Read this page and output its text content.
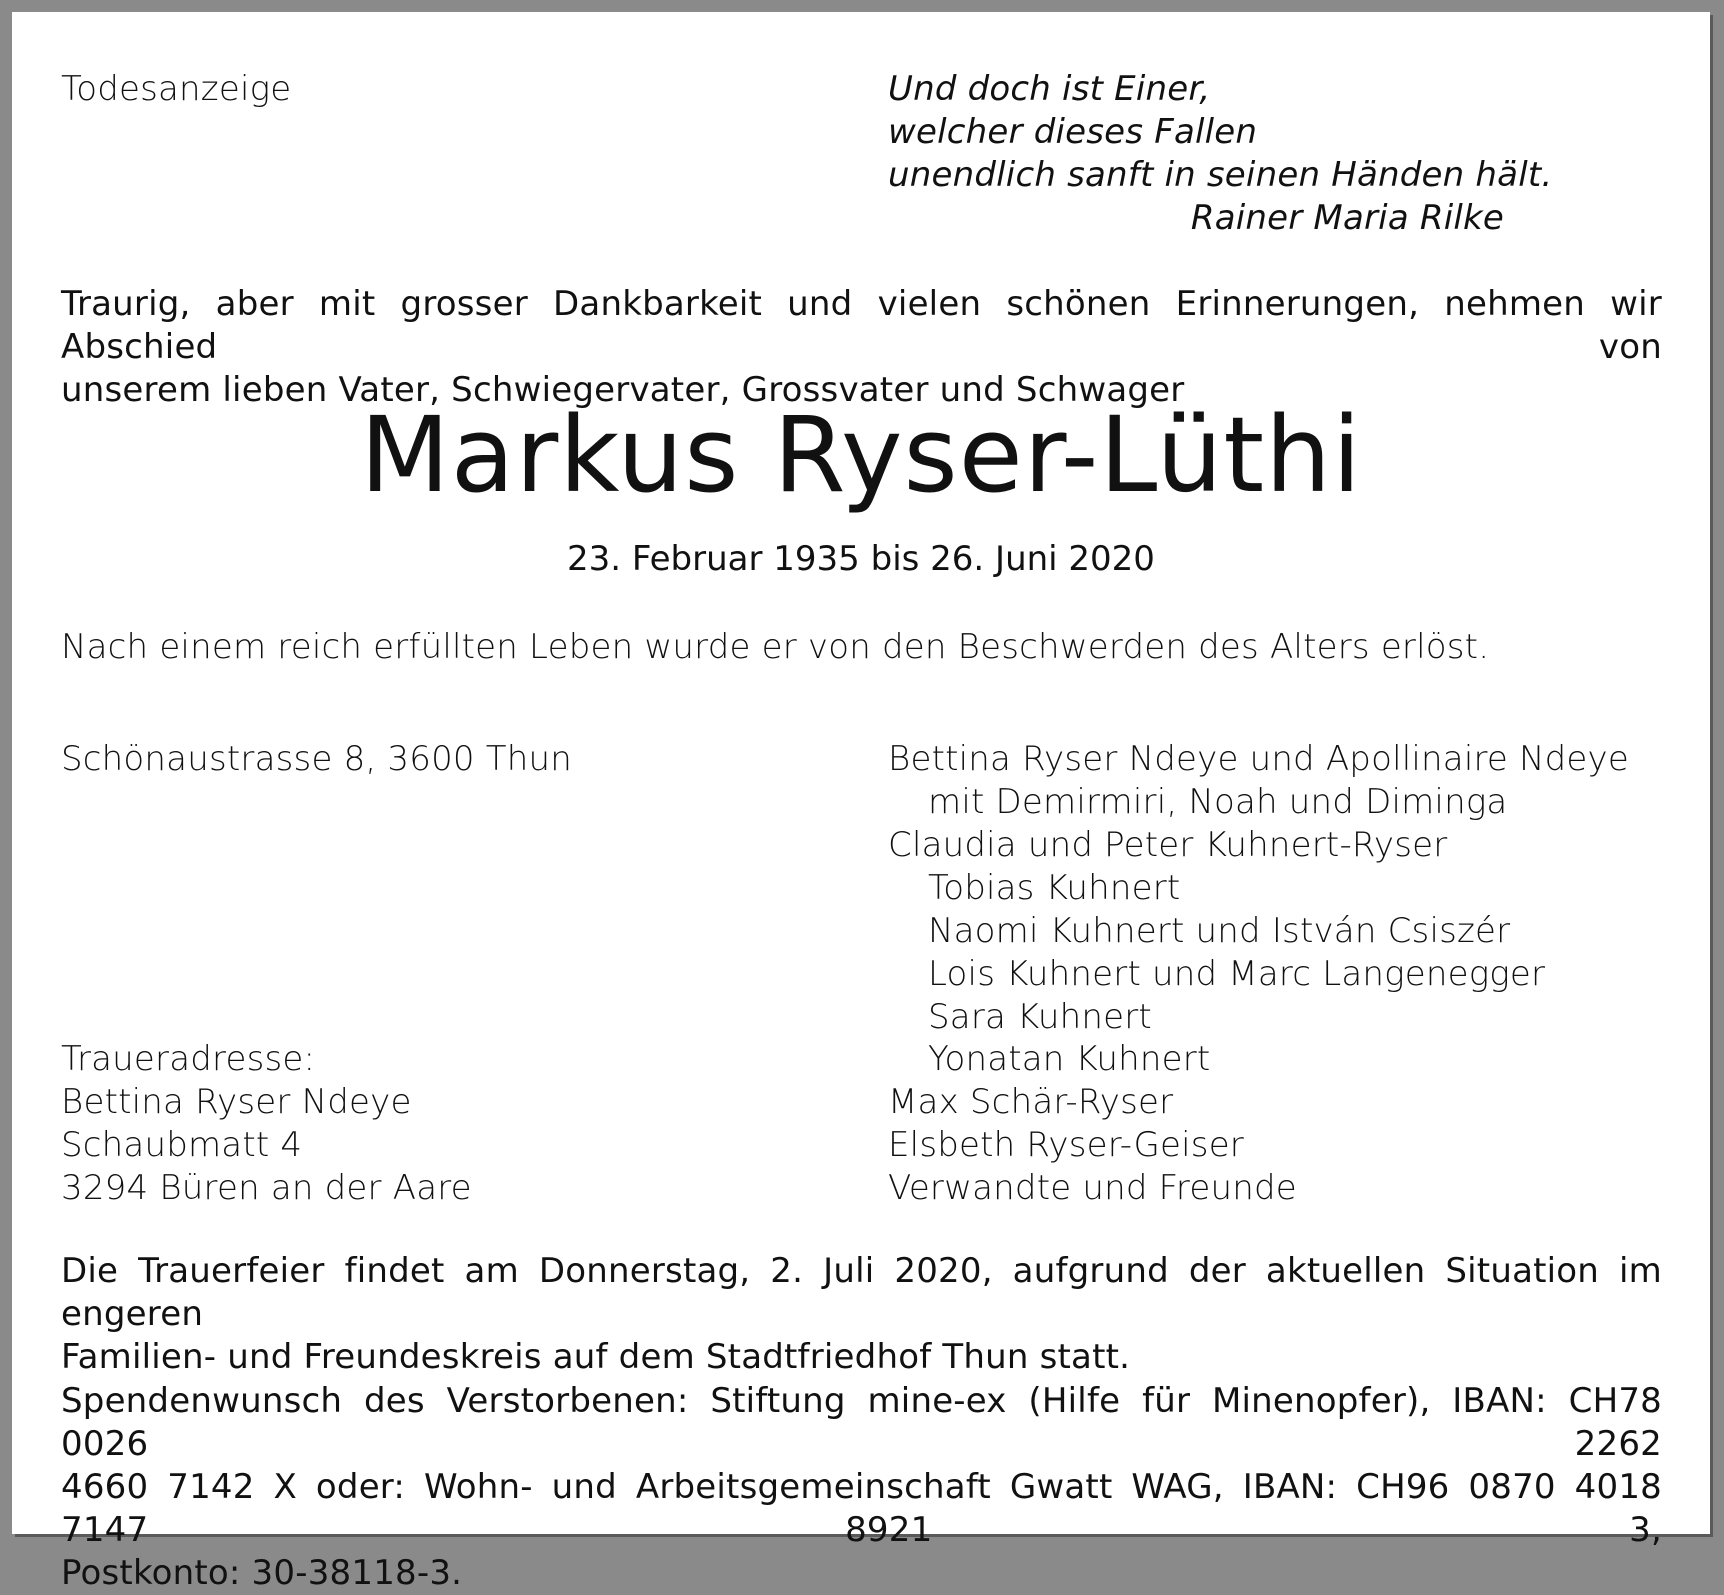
Todesanzeige	Und doch ist Einer,
welcher dieses Fallen
unendlich sanft in seinen Händen hält.
Rainer Maria Rilke
Traurig, aber mit grosser Dankbarkeit und vielen schönen Erinnerungen, nehmen wir Abschied von
unserem lieben Vater, Schwiegervater, Grossvater und Schwager
Markus Ryser-Lüthi
23. Februar 1935 bis 26. Juni 2020
Nach einem reich erfüllten Leben wurde er von den Beschwerden des Alters erlöst.
Schönaustrasse 8, 3600 Thun
Traueradresse:
Bettina Ryser Ndeye
Schaubmatt 4
3294 Büren an der Aare
Bettina Ryser Ndeye und Apollinaire Ndeye
mit Demirmiri, Noah und Diminga
Claudia und Peter Kuhnert-Ryser
Tobias Kuhnert
Naomi Kuhnert und István Csiszér
Lois Kuhnert und Marc Langenegger
Sara Kuhnert
Yonatan Kuhnert
Max Schär-Ryser
Elsbeth Ryser-Geiser
Verwandte und Freunde
Die Trauerfeier findet am Donnerstag, 2. Juli 2020, aufgrund der aktuellen Situation im engeren
Familien- und Freundeskreis auf dem Stadtfriedhof Thun statt.
Spendenwunsch des Verstorbenen: Stiftung mine-ex (Hilfe für Minenopfer), IBAN: CH78 0026 2262
4660 7142 X oder: Wohn- und Arbeitsgemeinschaft Gwatt WAG, IBAN: CH96 0870 4018 7147 8921 3,
Postkonto: 30-38118-3.
